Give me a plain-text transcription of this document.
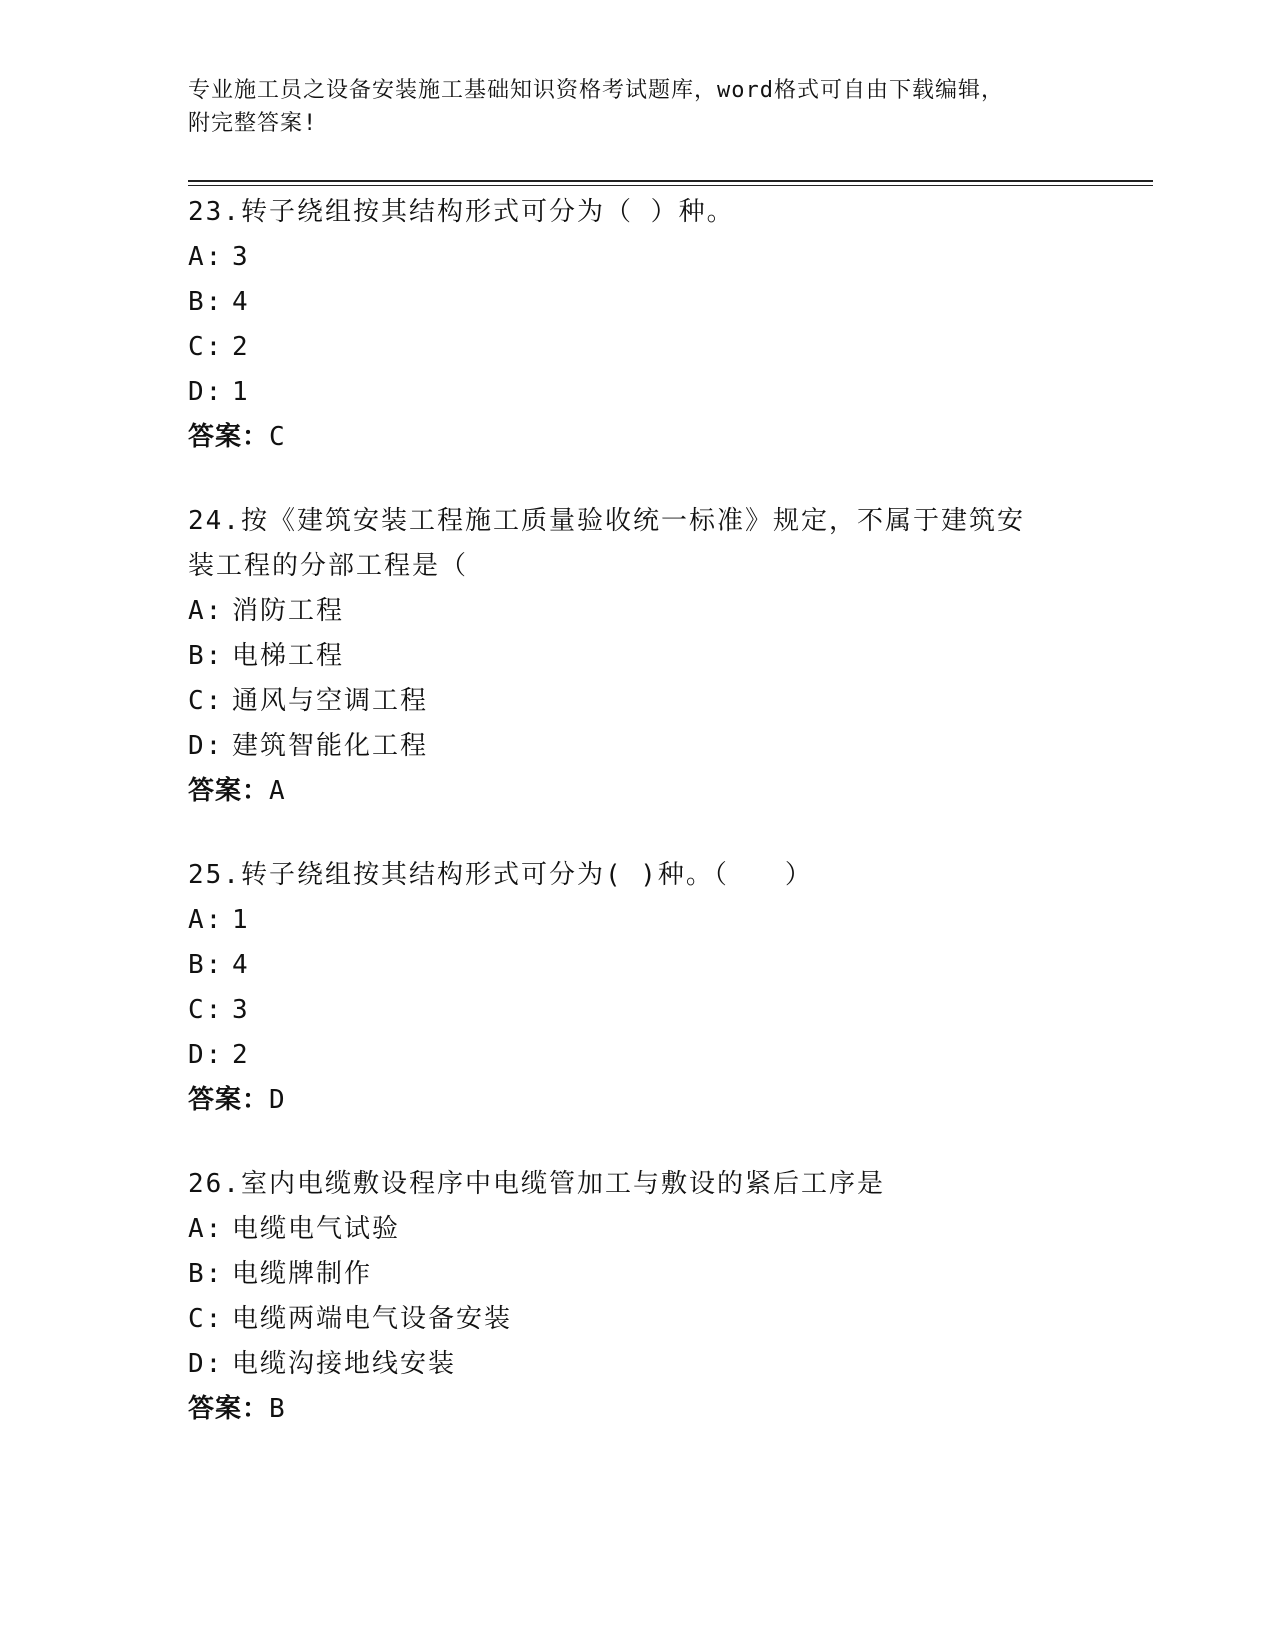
专业施工员之设备安装施工基础知识资格考试题库，word格式可自由下载编辑，
附完整答案!

23.转子绕组按其结构形式可分为（ ）种。

A: 3
B: 4
C: 2
D: 1
答案：C

24.按《建筑安装工程施工质量验收统一标准》规定，不属于建筑安装工程的分部工程是（

A: 消防工程
B: 电梯工程
C: 通风与空调工程
D: 建筑智能化工程
答案：A

25.转子绕组按其结构形式可分为( )种。（　　）

A: 1
B: 4
C: 3
D: 2
答案：D

26.室内电缆敷设程序中电缆管加工与敷设的紧后工序是

A: 电缆电气试验
B: 电缆牌制作
C: 电缆两端电气设备安装
D: 电缆沟接地线安装
答案：B
